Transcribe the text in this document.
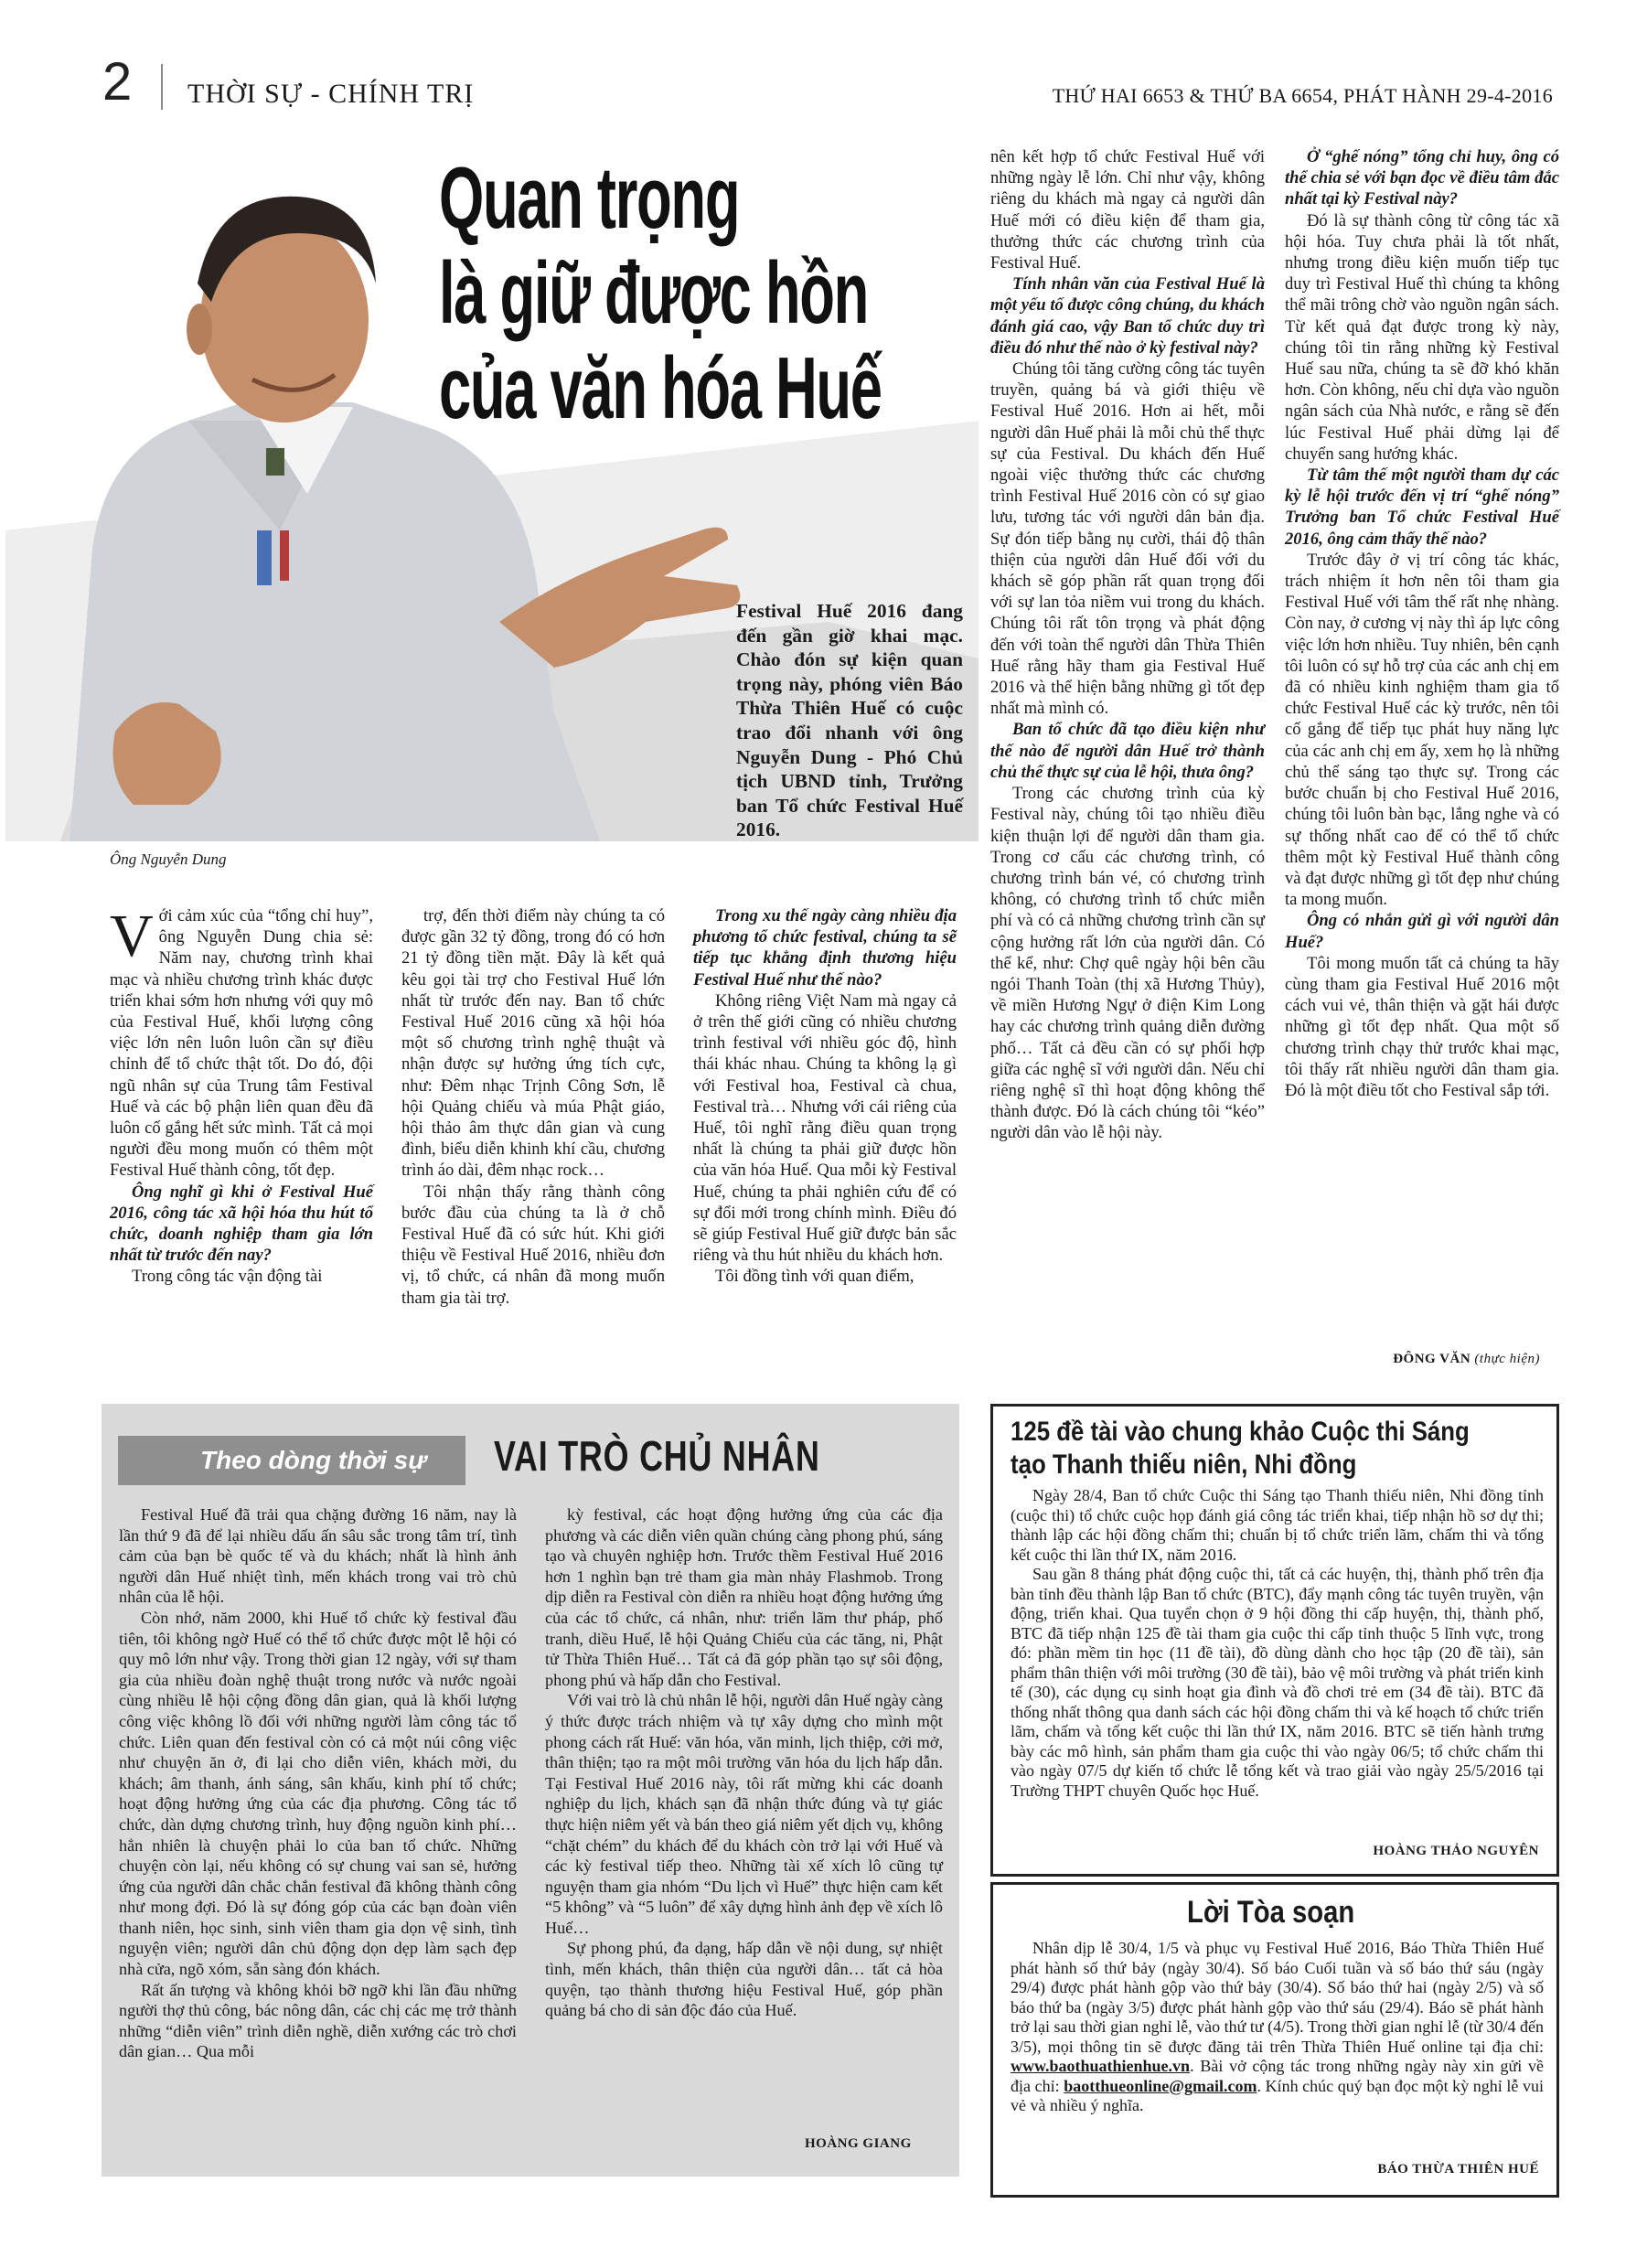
2 THỜI SỰ - CHÍNH TRỊ	THỨ HAI 6653 & THỨ BA 6654, PHÁT HÀNH 29-4-2016
Ông Nguyễn Dung
Quan trọng
là giữ được hồn
của văn hóa Huế
Festival Huế 2016 đang đến gần giờ khai mạc. Chào đón sự kiện quan trọng này, phóng viên Báo Thừa Thiên Huế có cuộc trao đổi nhanh với ông Nguyễn Dung - Phó Chủ tịch UBND tỉnh, Trưởng ban Tổ chức Festival Huế 2016.
V ới cảm xúc của “tổng chỉ huy”, ông Nguyễn Dung chia sẻ: Năm nay, chương trình khai mạc và nhiều chương trình khác được triển khai sớm hơn nhưng với quy mô của Festival Huế, khối lượng công việc lớn nên luôn luôn cần sự điều chỉnh để tổ chức thật tốt. Do đó, đội ngũ nhân sự của Trung tâm Festival Huế và các bộ phận liên quan đều đã luôn cố gắng hết sức mình. Tất cả mọi người đều mong muốn có thêm một Festival Huế thành công, tốt đẹp.

Ông nghĩ gì khi ở Festival Huế 2016, công tác xã hội hóa thu hút tổ chức, doanh nghiệp tham gia lớn nhất từ trước đến nay?

Trong công tác vận động tài

trợ, đến thời điểm này chúng ta có được gần 32 tỷ đồng, trong đó có hơn 21 tỷ đồng tiền mặt. Đây là kết quả kêu gọi tài trợ cho Festival Huế lớn nhất từ trước đến nay. Ban tổ chức Festival Huế 2016 cũng xã hội hóa một số chương trình nghệ thuật và nhận được sự hưởng ứng tích cực, như: Đêm nhạc Trịnh Công Sơn, lễ hội Quảng chiếu và múa Phật giáo, hội thảo âm thực dân gian và cung đình, biểu diễn khinh khí cầu, chương trình áo dài, đêm nhạc rock…

Tôi nhận thấy rằng thành công bước đầu của chúng ta là ở chỗ Festival Huế đã có sức hút. Khi giới thiệu về Festival Huế 2016, nhiều đơn vị, tổ chức, cá nhân đã mong muốn tham gia tài trợ.

Trong xu thế ngày càng nhiều địa phương tổ chức festival, chúng ta sẽ tiếp tục khẳng định thương hiệu Festival Huế như thế nào?

Không riêng Việt Nam mà ngay cả ở trên thế giới cũng có nhiều chương trình festival với nhiều góc độ, hình thái khác nhau. Chúng ta không lạ gì với Festival hoa, Festival cà chua, Festival trà… Nhưng với cái riêng của Huế, tôi nghĩ rằng điều quan trọng nhất là chúng ta phải giữ được hồn của văn hóa Huế. Qua mỗi kỳ Festival Huế, chúng ta phải nghiên cứu để có sự đổi mới trong chính mình. Điều đó sẽ giúp Festival Huế giữ được bản sắc riêng và thu hút nhiều du khách hơn.

Tôi đồng tình với quan điểm,

nên kết hợp tổ chức Festival Huế với những ngày lễ lớn. Chỉ như vậy, không riêng du khách mà ngay cả người dân Huế mới có điều kiện để tham gia, thưởng thức các chương trình của Festival Huế.

Tính nhân văn của Festival Huế là một yếu tố được công chúng, du khách đánh giá cao, vậy Ban tổ chức duy trì điều đó như thế nào ở kỳ festival này?

Chúng tôi tăng cường công tác tuyên truyền, quảng bá và giới thiệu về Festival Huế 2016. Hơn ai hết, mỗi người dân Huế phải là mỗi chủ thể thực sự của Festival. Du khách đến Huế ngoài việc thưởng thức các chương trình Festival Huế 2016 còn có sự giao lưu, tương tác với người dân bản địa. Sự đón tiếp bằng nụ cười, thái độ thân thiện của người dân Huế đối với du khách sẽ góp phần rất quan trọng đối với sự lan tỏa niềm vui trong du khách. Chúng tôi rất tôn trọng và phát động đến với toàn thể người dân Thừa Thiên Huế rằng hãy tham gia Festival Huế 2016 và thể hiện bằng những gì tốt đẹp nhất mà mình có.

Ban tổ chức đã tạo điều kiện như thế nào để người dân Huế trở thành chủ thể thực sự của lễ hội, thưa ông?

Trong các chương trình của kỳ Festival này, chúng tôi tạo nhiều điều kiện thuận lợi để người dân tham gia. Trong cơ cấu các chương trình, có chương trình bán vé, có chương trình không, có chương trình tổ chức miễn phí và có cả những chương trình cần sự cộng hưởng rất lớn của người dân. Có thể kể, như: Chợ quê ngày hội bên cầu ngói Thanh Toàn (thị xã Hương Thủy), về miền Hương Ngự ở điện Kim Long hay các chương trình quảng diễn đường phố… Tất cả đều cần có sự phối hợp giữa các nghệ sĩ với người dân. Nếu chỉ riêng nghệ sĩ thì hoạt động không thể thành được. Đó là cách chúng tôi “kéo” người dân vào lễ hội này.

Ở “ghế nóng” tổng chỉ huy, ông có thể chia sẻ với bạn đọc về điều tâm đắc nhất tại kỳ Festival này?

Đó là sự thành công từ công tác xã hội hóa. Tuy chưa phải là tốt nhất, nhưng trong điều kiện muốn tiếp tục duy trì Festival Huế thì chúng ta không thể mãi trông chờ vào nguồn ngân sách. Từ kết quả đạt được trong kỳ này, chúng tôi tin rằng những kỳ Festival Huế sau nữa, chúng ta sẽ đỡ khó khăn hơn. Còn không, nếu chỉ dựa vào nguồn ngân sách của Nhà nước, e rằng sẽ đến lúc Festival Huế phải dừng lại để chuyển sang hướng khác.

Từ tâm thế một người tham dự các kỳ lễ hội trước đến vị trí “ghế nóng” Trưởng ban Tổ chức Festival Huế 2016, ông cảm thấy thế nào?

Trước đây ở vị trí công tác khác, trách nhiệm ít hơn nên tôi tham gia Festival Huế với tâm thế rất nhẹ nhàng. Còn nay, ở cương vị này thì áp lực công việc lớn hơn nhiều. Tuy nhiên, bên cạnh tôi luôn có sự hỗ trợ của các anh chị em đã có nhiều kinh nghiệm tham gia tổ chức Festival Huế các kỳ trước, nên tôi cố gắng để tiếp tục phát huy năng lực của các anh chị em ấy, xem họ là những chủ thể sáng tạo thực sự. Trong các bước chuẩn bị cho Festival Huế 2016, chúng tôi luôn bàn bạc, lắng nghe và có sự thống nhất cao để có thể tổ chức thêm một kỳ Festival Huế thành công và đạt được những gì tốt đẹp như chúng ta mong muốn.

Ông có nhắn gửi gì với người dân Huế?

Tôi mong muốn tất cả chúng ta hãy cùng tham gia Festival Huế 2016 một cách vui vẻ, thân thiện và gặt hái được những gì tốt đẹp nhất. Qua một số chương trình chạy thử trước khai mạc, tôi thấy rất nhiều người dân tham gia. Đó là một điều tốt cho Festival sắp tới.

ĐÔNG VĂN (thực hiện)
Theo dòng thời sự	VAI TRÒ CHỦ NHÂN

Festival Huế đã trải qua chặng đường 16 năm, nay là lần thứ 9 đã để lại nhiều dấu ấn sâu sắc trong tâm trí, tình cảm của bạn bè quốc tế và du khách; nhất là hình ảnh người dân Huế nhiệt tình, mến khách trong vai trò chủ nhân của lễ hội.

Còn nhớ, năm 2000, khi Huế tổ chức kỳ festival đầu tiên, tôi không ngờ Huế có thể tổ chức được một lễ hội có quy mô lớn như vậy. Trong thời gian 12 ngày, với sự tham gia của nhiều đoàn nghệ thuật trong nước và nước ngoài cùng nhiều lễ hội cộng đồng dân gian, quả là khối lượng công việc không lồ đối với những người làm công tác tổ chức. Liên quan đến festival còn có cả một núi công việc như chuyện ăn ở, đi lại cho diễn viên, khách mời, du khách; âm thanh, ánh sáng, sân khấu, kinh phí tổ chức; hoạt động hưởng ứng của các địa phương. Công tác tổ chức, dàn dựng chương trình, huy động nguồn kinh phí… hẳn nhiên là chuyện phải lo của ban tổ chức. Những chuyện còn lại, nếu không có sự chung vai san sẻ, hưởng ứng của người dân chắc chắn festival đã không thành công như mong đợi. Đó là sự đóng góp của các bạn đoàn viên thanh niên, học sinh, sinh viên tham gia dọn vệ sinh, tình nguyện viên; người dân chủ động dọn dẹp làm sạch đẹp nhà cửa, ngõ xóm, sẵn sàng đón khách.

Rất ấn tượng và không khỏi bỡ ngỡ khi lần đầu những người thợ thủ công, bác nông dân, các chị các mẹ trở thành những “diễn viên” trình diễn nghề, diễn xướng các trò chơi dân gian… Qua mỗi

kỳ festival, các hoạt động hưởng ứng của các địa phương và các diễn viên quần chúng càng phong phú, sáng tạo và chuyên nghiệp hơn. Trước thềm Festival Huế 2016 hơn 1 nghìn bạn trẻ tham gia màn nhảy Flashmob. Trong dịp diễn ra Festival còn diễn ra nhiều hoạt động hưởng ứng của các tổ chức, cá nhân, như: triển lãm thư pháp, phố tranh, diều Huế, lễ hội Quảng Chiếu của các tăng, ni, Phật tử Thừa Thiên Huế… Tất cả đã góp phần tạo sự sôi động, phong phú và hấp dẫn cho Festival.

Với vai trò là chủ nhân lễ hội, người dân Huế ngày càng ý thức được trách nhiệm và tự xây dựng cho mình một phong cách rất Huế: văn hóa, văn minh, lịch thiệp, cởi mở, thân thiện; tạo ra một môi trường văn hóa du lịch hấp dẫn. Tại Festival Huế 2016 này, tôi rất mừng khi các doanh nghiệp du lịch, khách sạn đã nhận thức đúng và tự giác thực hiện niêm yết và bán theo giá niêm yết dịch vụ, không “chặt chém” du khách để du khách còn trở lại với Huế và các kỳ festival tiếp theo. Những tài xế xích lô cũng tự nguyện tham gia nhóm “Du lịch vì Huế” thực hiện cam kết “5 không” và “5 luôn” để xây dựng hình ảnh đẹp về xích lô Huế…

Sự phong phú, đa dạng, hấp dẫn về nội dung, sự nhiệt tình, mến khách, thân thiện của người dân… tất cả hòa quyện, tạo thành thương hiệu Festival Huế, góp phần quảng bá cho di sản độc đáo của Huế.

HOÀNG GIANG
125 đề tài vào chung khảo Cuộc thi Sáng tạo Thanh thiếu niên, Nhi đồng

Ngày 28/4, Ban tổ chức Cuộc thi Sáng tạo Thanh thiếu niên, Nhi đồng tỉnh (cuộc thi) tổ chức cuộc họp đánh giá công tác triển khai, tiếp nhận hồ sơ dự thi; thành lập các hội đồng chấm thi; chuẩn bị tổ chức triển lãm, chấm thi và tổng kết cuộc thi lần thứ IX, năm 2016.

Sau gần 8 tháng phát động cuộc thi, tất cả các huyện, thị, thành phố trên địa bàn tỉnh đều thành lập Ban tổ chức (BTC), đẩy mạnh công tác tuyên truyền, vận động, triển khai. Qua tuyển chọn ở 9 hội đồng thi cấp huyện, thị, thành phố, BTC đã tiếp nhận 125 đề tài tham gia cuộc thi cấp tỉnh thuộc 5 lĩnh vực, trong đó: phần mềm tin học (11 đề tài), đồ dùng dành cho học tập (20 đề tài), sản phẩm thân thiện với môi trường (30 đề tài), bảo vệ môi trường và phát triển kinh tế (30), các dụng cụ sinh hoạt gia đình và đồ chơi trẻ em (34 đề tài). BTC đã thống nhất thông qua danh sách các hội đồng chấm thi và kế hoạch tổ chức triển lãm, chấm và tổng kết cuộc thi lần thứ IX, năm 2016. BTC sẽ tiến hành trưng bày các mô hình, sản phẩm tham gia cuộc thi vào ngày 06/5; tổ chức chấm thi vào ngày 07/5 dự kiến tổ chức lễ tổng kết và trao giải vào ngày 25/5/2016 tại Trường THPT chuyên Quốc học Huế.

HOÀNG THẢO NGUYÊN
Lời Tòa soạn

Nhân dịp lễ 30/4, 1/5 và phục vụ Festival Huế 2016, Báo Thừa Thiên Huế phát hành số thứ bảy (ngày 30/4). Số báo Cuối tuần và số báo thứ sáu (ngày 29/4) được phát hành gộp vào thứ bảy (30/4). Số báo thứ hai (ngày 2/5) và số báo thứ ba (ngày 3/5) được phát hành gộp vào thứ sáu (29/4). Báo sẽ phát hành trở lại sau thời gian nghỉ lễ, vào thứ tư (4/5). Trong thời gian nghỉ lễ (từ 30/4 đến 3/5), mọi thông tin sẽ được đăng tải trên Thừa Thiên Huế online tại địa chỉ: www.baothuathienhue.vn. Bài vở cộng tác trong những ngày này xin gửi về địa chỉ: baotthueonline@gmail.com. Kính chúc quý bạn đọc một kỳ nghỉ lễ vui vẻ và nhiều ý nghĩa.

BÁO THỪA THIÊN HUẾ
